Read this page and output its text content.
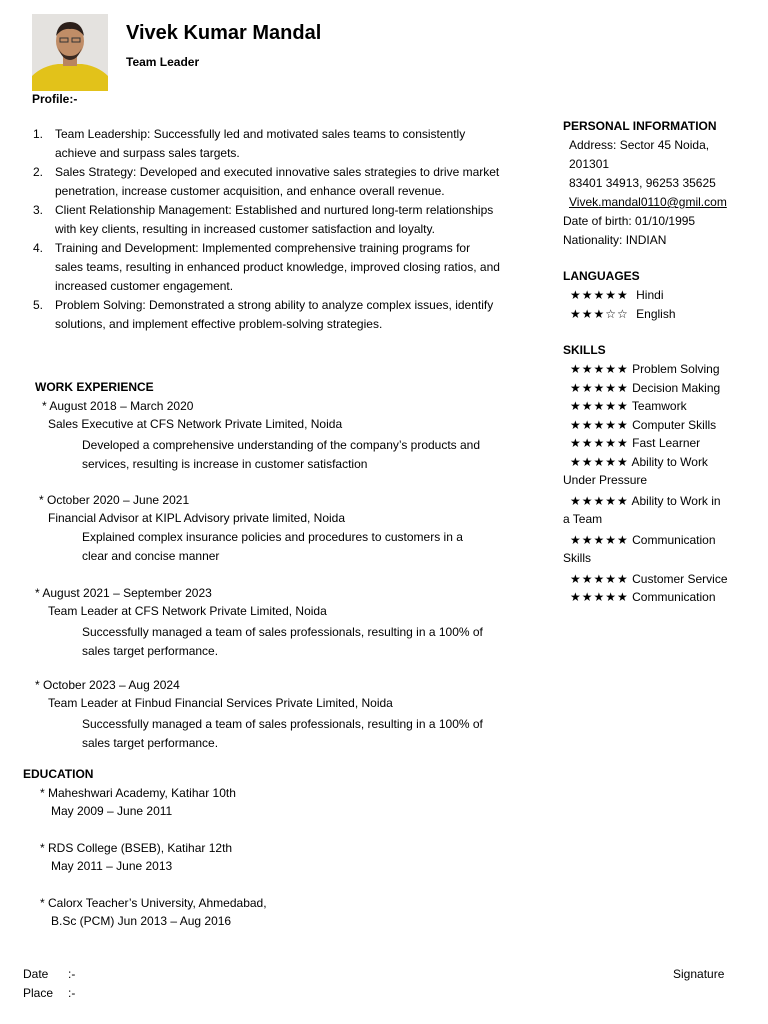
Vivek Kumar Mandal
Team Leader
Profile:-
1. Team Leadership: Successfully led and motivated sales teams to consistently
achieve and surpass sales targets.
2. Sales Strategy: Developed and executed innovative sales strategies to drive market
penetration, increase customer acquisition, and enhance overall revenue.
3. Client Relationship Management: Established and nurtured long-term relationships
with key clients, resulting in increased customer satisfaction and loyalty.
4. Training and Development: Implemented comprehensive training programs for
sales teams, resulting in enhanced product knowledge, improved closing ratios, and
increased customer engagement.
5. Problem Solving: Demonstrated a strong ability to analyze complex issues, identify
solutions, and implement effective problem-solving strategies.
WORK EXPERIENCE
* August 2018 – March 2020
Sales Executive at CFS Network Private Limited, Noida
Developed a comprehensive understanding of the company’s products and
services, resulting is increase in customer satisfaction
* October 2020 – June 2021
Financial Advisor at KIPL Advisory private limited, Noida
Explained complex insurance policies and procedures to customers in a
clear and concise manner
* August 2021 – September 2023
Team Leader at CFS Network Private Limited, Noida
Successfully managed a team of sales professionals, resulting in a 100% of
sales target performance.
* October 2023 – Aug 2024
Team Leader at Finbud Financial Services Private Limited, Noida
Successfully managed a team of sales professionals, resulting in a 100% of
sales target performance.
EDUCATION
* Maheshwari Academy, Katihar 10th
May 2009 – June 2011
* RDS College (BSEB), Katihar 12th
May 2011 – June 2013
* Calorx Teacher’s University, Ahmedabad,
B.Sc (PCM) Jun 2013 – Aug 2016
PERSONAL INFORMATION
Address: Sector 45 Noida,
201301
83401 34913, 96253 35625
Vivek.mandal0110@gmil.com
Date of birth: 01/10/1995
Nationality: INDIAN
LANGUAGES
★★★★★ Hindi
★★★☆☆ English
SKILLS
★★★★★ Problem Solving
★★★★★ Decision Making
★★★★★ Teamwork
★★★★★ Computer Skills
★★★★★ Fast Learner
★★★★★ Ability to Work
Under Pressure
★★★★★ Ability to Work in
a Team
★★★★★ Communication
Skills
★★★★★ Customer Service
★★★★★ Communication
Date :-
Place :-
Signature
